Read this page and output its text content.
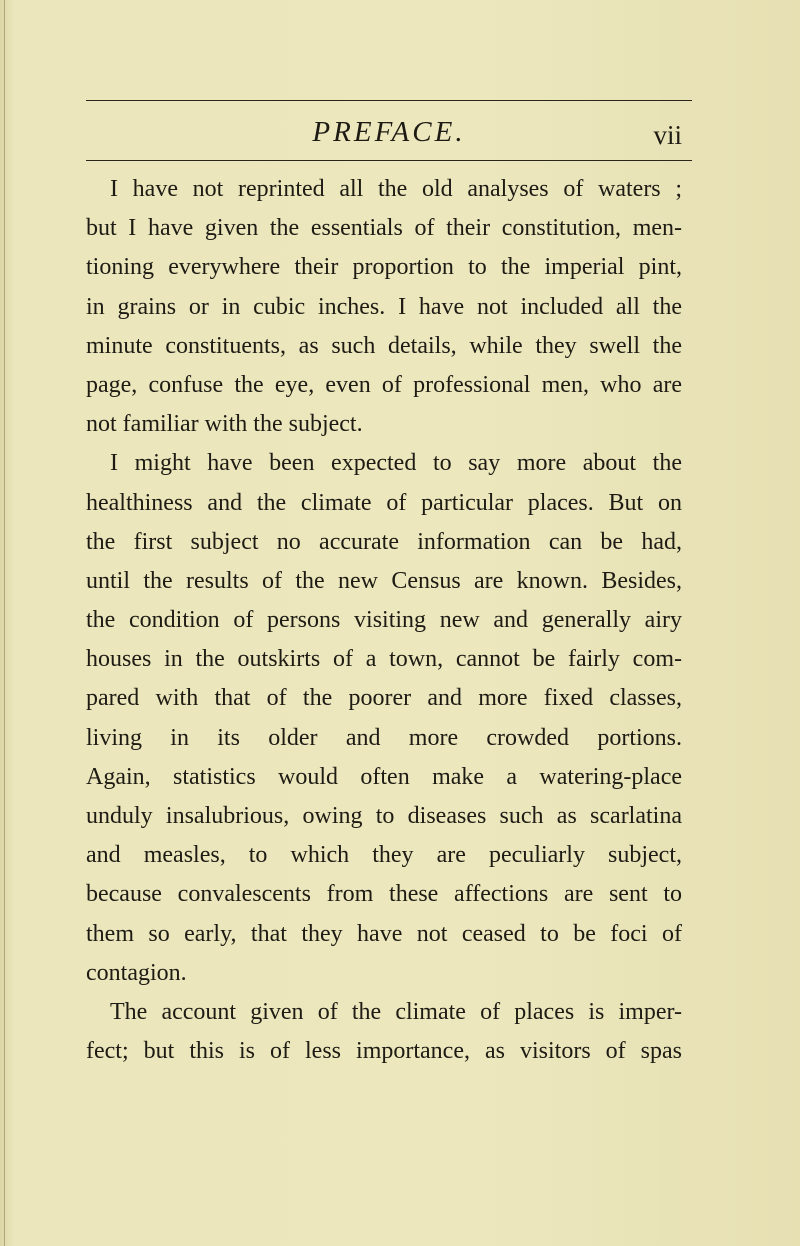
PREFACE.	vii
I have not reprinted all the old analyses of waters ;
but I have given the essentials of their constitution, men-
tioning everywhere their proportion to the imperial pint,
in grains or in cubic inches. I have not included all the
minute constituents, as such details, while they swell the
page, confuse the eye, even of professional men, who are
not familiar with the subject.
I might have been expected to say more about the
healthiness and the climate of particular places. But on
the first subject no accurate information can be had,
until the results of the new Census are known. Besides,
the condition of persons visiting new and generally airy
houses in the outskirts of a town, cannot be fairly com-
pared with that of the poorer and more fixed classes,
living in its older and more crowded portions.
Again, statistics would often make a watering-place
unduly insalubrious, owing to diseases such as scarlatina
and measles, to which they are peculiarly subject,
because convalescents from these affections are sent to
them so early, that they have not ceased to be foci of
contagion.
The account given of the climate of places is imper-
fect; but this is of less importance, as visitors of spas
